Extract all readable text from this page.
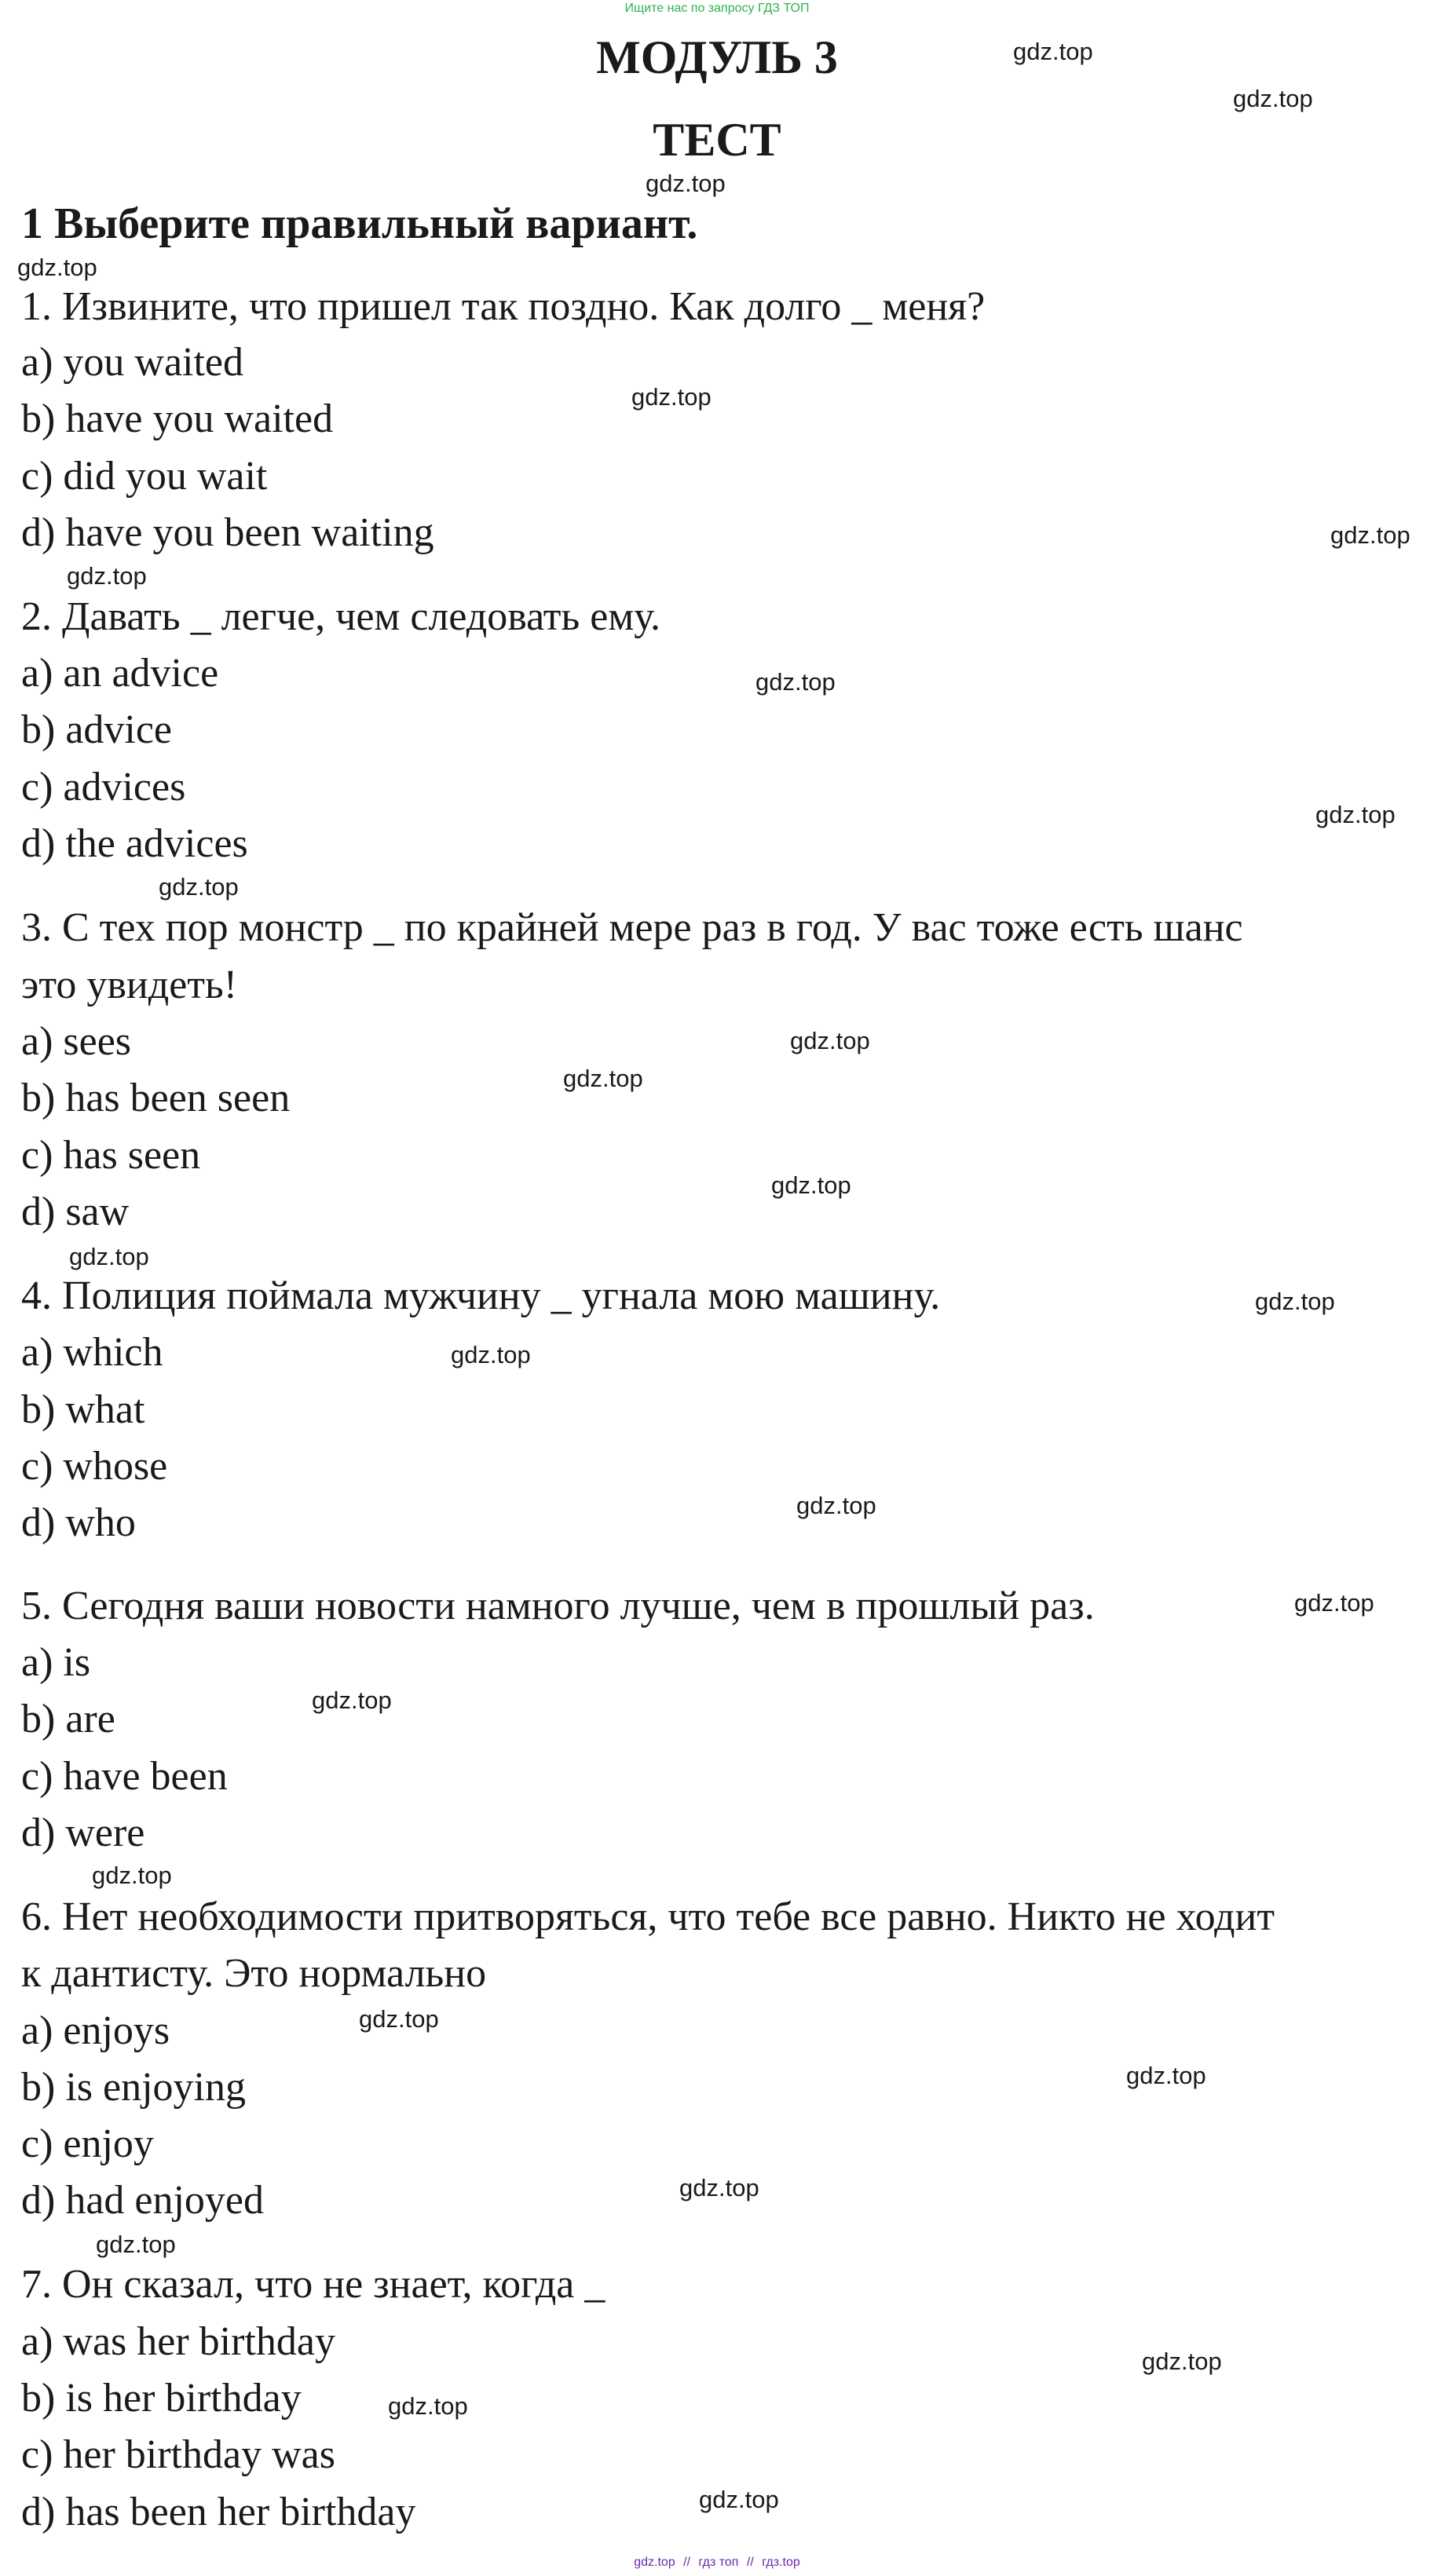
Ищите нас по запросу ГДЗ ТОП
МОДУЛЬ 3
ТЕСТ
1 Выберите правильный вариант.
1. Извините, что пришел так поздно. Как долго _ меня?
a) you waited
b) have you waited
c) did you wait
d) have you been waiting
2. Давать _ легче, чем следовать ему.
a) an advice
b) advice
c) advices
d) the advices
3. С тех пор монстр _ по крайней мере раз в год. У вас тоже есть шанс
это увидеть!
a) sees
b) has been seen
c) has seen
d) saw
4. Полиция поймала мужчину _ угнала мою машину.
a) which
b) what
c) whose
d) who
5. Сегодня ваши новости намного лучше, чем в прошлый раз.
a) is
b) are
c) have been
d) were
6. Нет необходимости притворяться, что тебе все равно. Никто не ходит
к дантисту. Это нормально
a) enjoys
b) is enjoying
c) enjoy
d) had enjoyed
7. Он сказал, что не знает, когда _
a) was her birthday
b) is her birthday
c) her birthday was
d) has been her birthday
gdz.top
gdz.top
gdz.top
gdz.top
gdz.top
gdz.top
gdz.top
gdz.top
gdz.top
gdz.top
gdz.top
gdz.top
gdz.top
gdz.top
gdz.top
gdz.top
gdz.top
gdz.top
gdz.top
gdz.top
gdz.top
gdz.top
gdz.top
gdz.top
gdz.top
gdz.top
gdz.top
gdz.top // гдз топ // гдз.top
